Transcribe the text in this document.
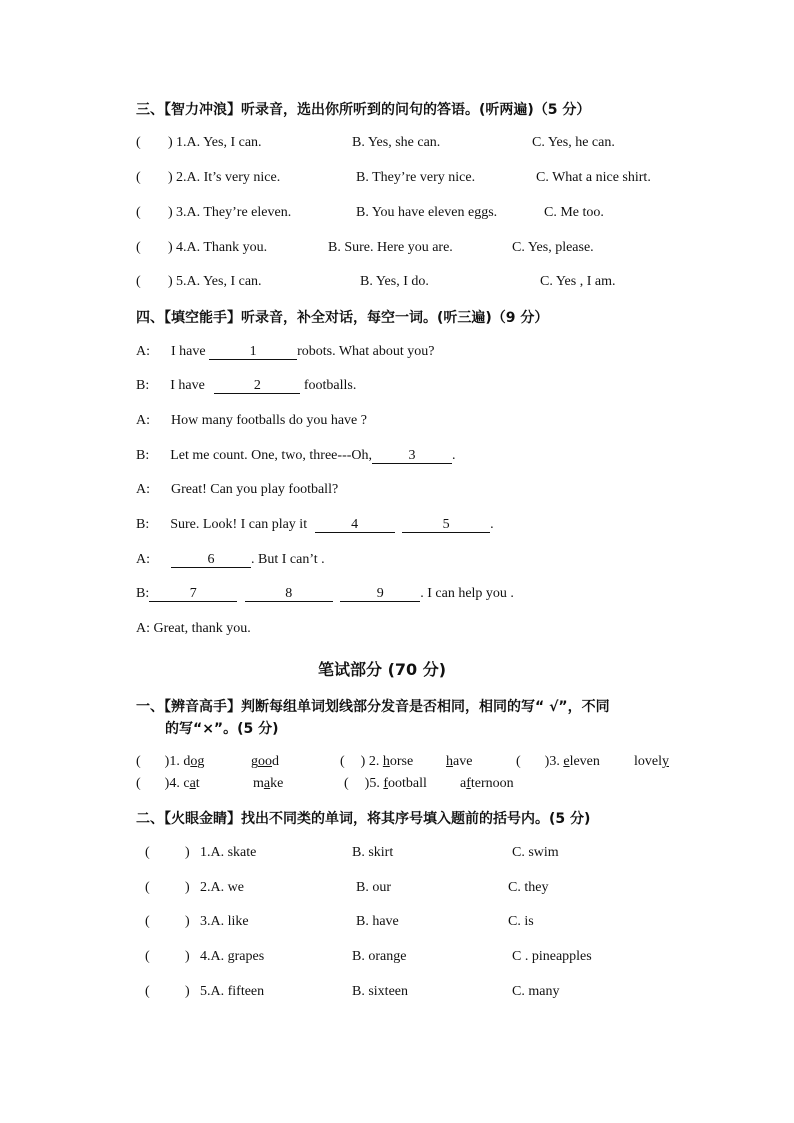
三、【智力冲浪】听录音，选出你所听到的问句的答语。(听两遍)（5 分）
( ) 1.A. Yes, I can.	B. Yes, she can.	C. Yes, he can.
( ) 2.A. It’s very nice.	B. They’re very nice.	C. What a nice shirt.
( ) 3.A. They’re eleven.	B. You have eleven eggs.	C. Me too.
( ) 4.A. Thank you.	B. Sure. Here you are.	C. Yes, please.
( ) 5.A. Yes, I can.	B. Yes, I do.	C. Yes , I am.
四、【填空能手】听录音，补全对话，每空一词。(听三遍)（9 分）
A: I have	1	robots. What about you?
B: I have	2	footballs.
A: How many footballs do you have ?
B: Let me count. One, two, three---Oh,	3	.
A: Great! Can you play football?
B: Sure. Look! I can play it	4	5	.
A:	6	. But I can’t .
B:	7	8	9	. I can help you .
A: Great, thank you.
笔试部分 (70 分)
一、【辨音高手】判断每组单词划线部分发音是否相同，相同的写“ √”，不同
的写“×”。(5 分)
( )1. dog	good	( ) 2. horse have	( )3. eleven lovely
( )4. cat	make	( )5. football afternoon
二、【火眼金睛】找出不同类的单词，将其序号填入题前的括号内。(5 分)
(	) 1.A. skate	B. skirt	C. swim
(	) 2.A. we	B. our	C. they
(	) 3.A. like	B. have	C. is
(	) 4.A. grapes	B. orange	C . pineapples
(	) 5.A. fifteen	B. sixteen	C. many
